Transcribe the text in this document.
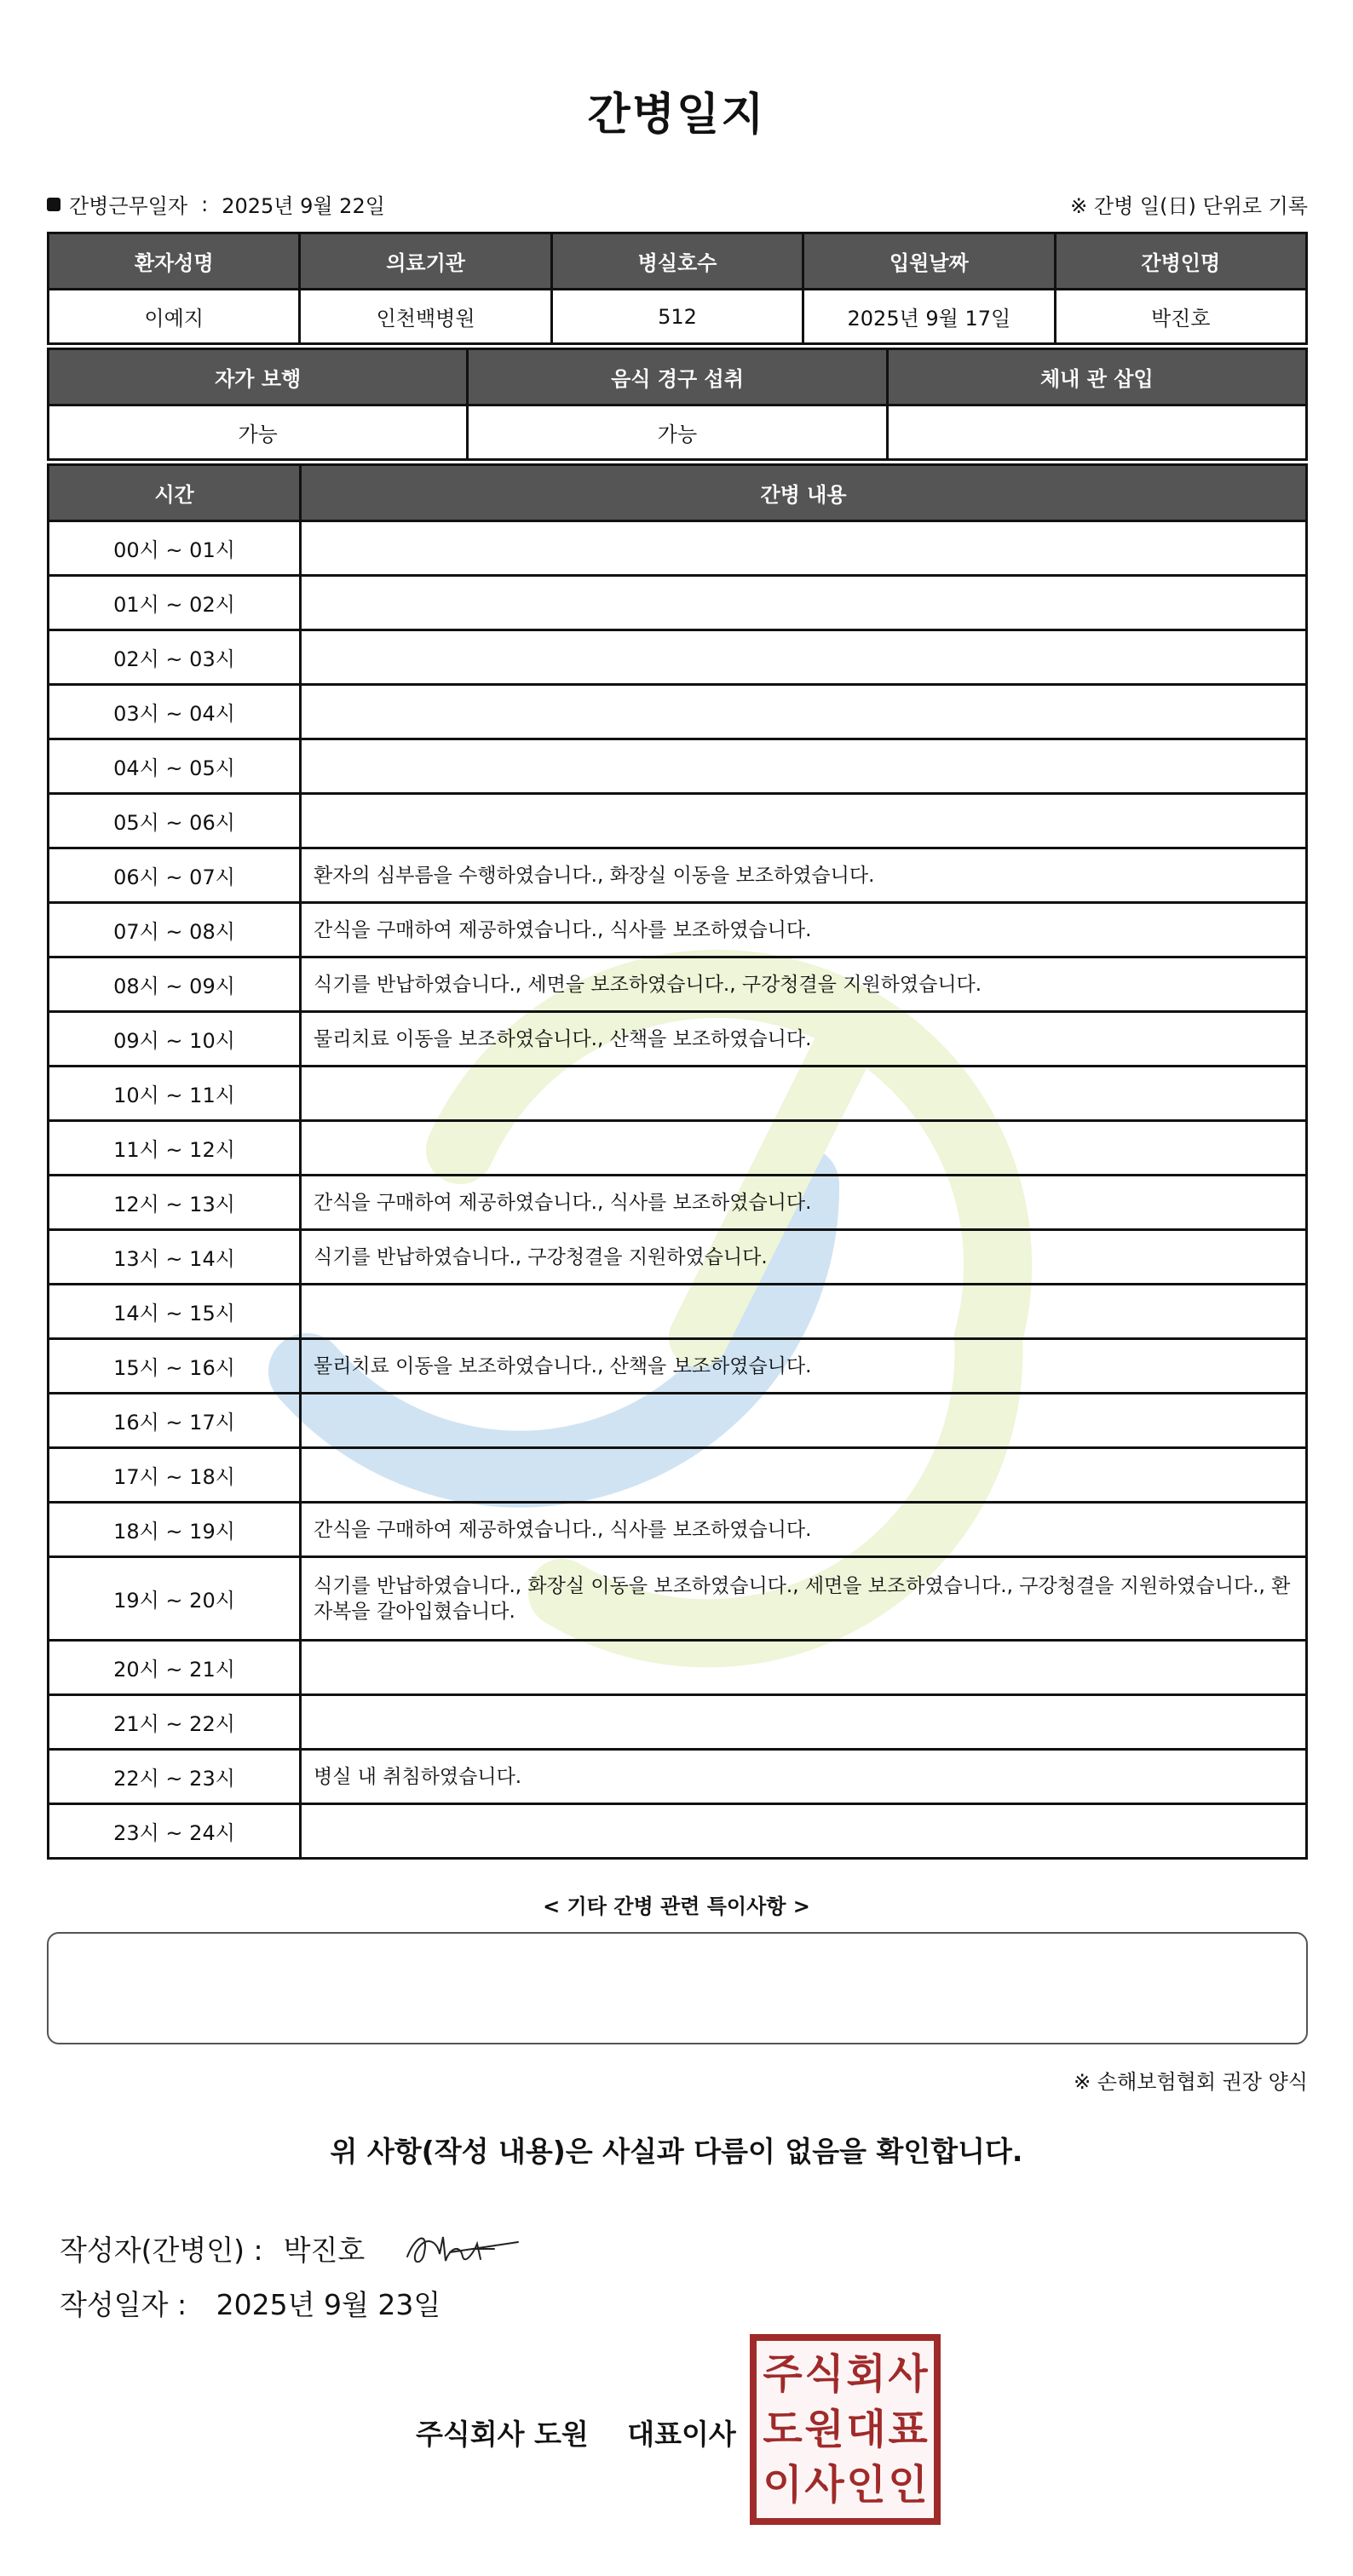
간병일지
간병근무일자 : 2025년 9월 22일	※ 간병 일(日) 단위로 기록
환자성명	의료기관	병실호수	입원날짜	간병인명
이예지	인천백병원	512	2025년 9월 17일	박진호
자가 보행	음식 경구 섭취	체내 관 삽입
가능	가능	
시간	간병 내용
00시 ~ 01시	
01시 ~ 02시	
02시 ~ 03시	
03시 ~ 04시	
04시 ~ 05시	
05시 ~ 06시	
06시 ~ 07시	환자의 심부름을 수행하였습니다., 화장실 이동을 보조하였습니다.
07시 ~ 08시	간식을 구매하여 제공하였습니다., 식사를 보조하였습니다.
08시 ~ 09시	식기를 반납하였습니다., 세면을 보조하였습니다., 구강청결을 지원하였습니다.
09시 ~ 10시	물리치료 이동을 보조하였습니다., 산책을 보조하였습니다.
10시 ~ 11시	
11시 ~ 12시	
12시 ~ 13시	간식을 구매하여 제공하였습니다., 식사를 보조하였습니다.
13시 ~ 14시	식기를 반납하였습니다., 구강청결을 지원하였습니다.
14시 ~ 15시	
15시 ~ 16시	물리치료 이동을 보조하였습니다., 산책을 보조하였습니다.
16시 ~ 17시	
17시 ~ 18시	
18시 ~ 19시	간식을 구매하여 제공하였습니다., 식사를 보조하였습니다.
19시 ~ 20시	식기를 반납하였습니다., 화장실 이동을 보조하였습니다., 세면을 보조하였습니다., 구강청결을 지원하였습니다., 환자복을 갈아입혔습니다.
20시 ~ 21시	
21시 ~ 22시	
22시 ~ 23시	병실 내 취침하였습니다.
23시 ~ 24시	
< 기타 간병 관련 특이사항 >
※ 손해보험협회 권장 양식
위 사항(작성 내용)은 사실과 다름이 없음을 확인합니다.
작성자(간병인) : 박진호
작성일자 : 2025년 9월 23일
주식회사 도원 대표이사
주 식 회 사
도 원 대 표
이 사 인 인
